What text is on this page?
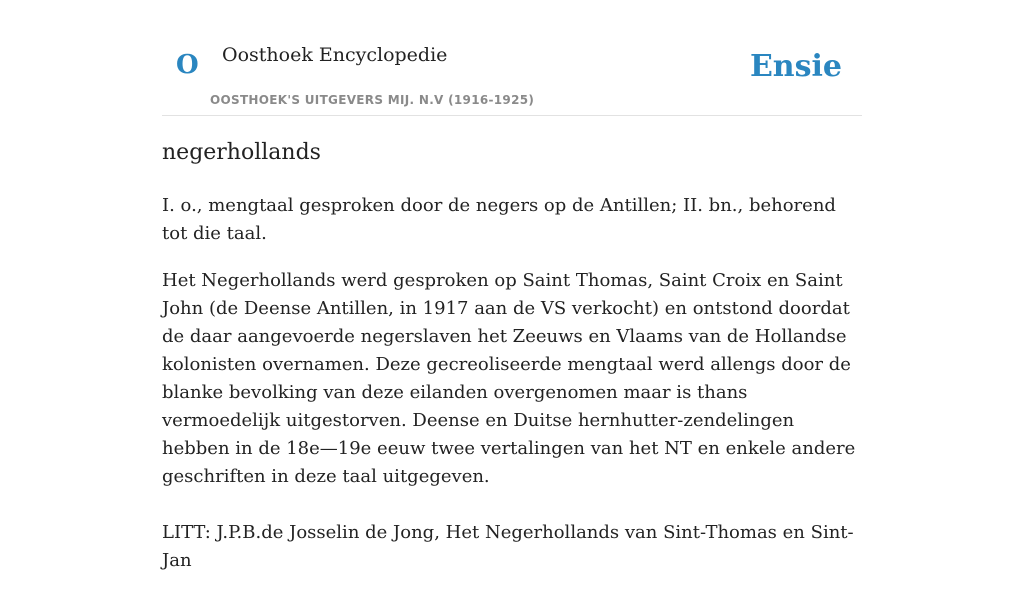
O Oosthoek Encyclopedie
OOSTHOEK'S UITGEVERS MIJ. N.V (1916-1925)
Ensie
negerhollands

I. o., mengtaal gesproken door de negers op de Antillen; II. bn., behorend tot die taal.

Het Negerhollands werd gesproken op Saint Thomas, Saint Croix en Saint John (de Deense Antillen, in 1917 aan de VS verkocht) en ontstond doordat de daar aangevoerde negerslaven het Zeeuws en Vlaams van de Hollandse kolonisten overnamen. Deze gecreoliseerde mengtaal werd allengs door de blanke bevolking van deze eilanden overgenomen maar is thans vermoedelijk uitgestorven. Deense en Duitse hernhutter-zendelingen hebben in de 18e—19e eeuw twee vertalingen van het NT en enkele andere geschriften in deze taal uitgegeven.

LITT: J.P.B.de Josselin de Jong, Het Negerhollands van Sint-Thomas en Sint-Jan
